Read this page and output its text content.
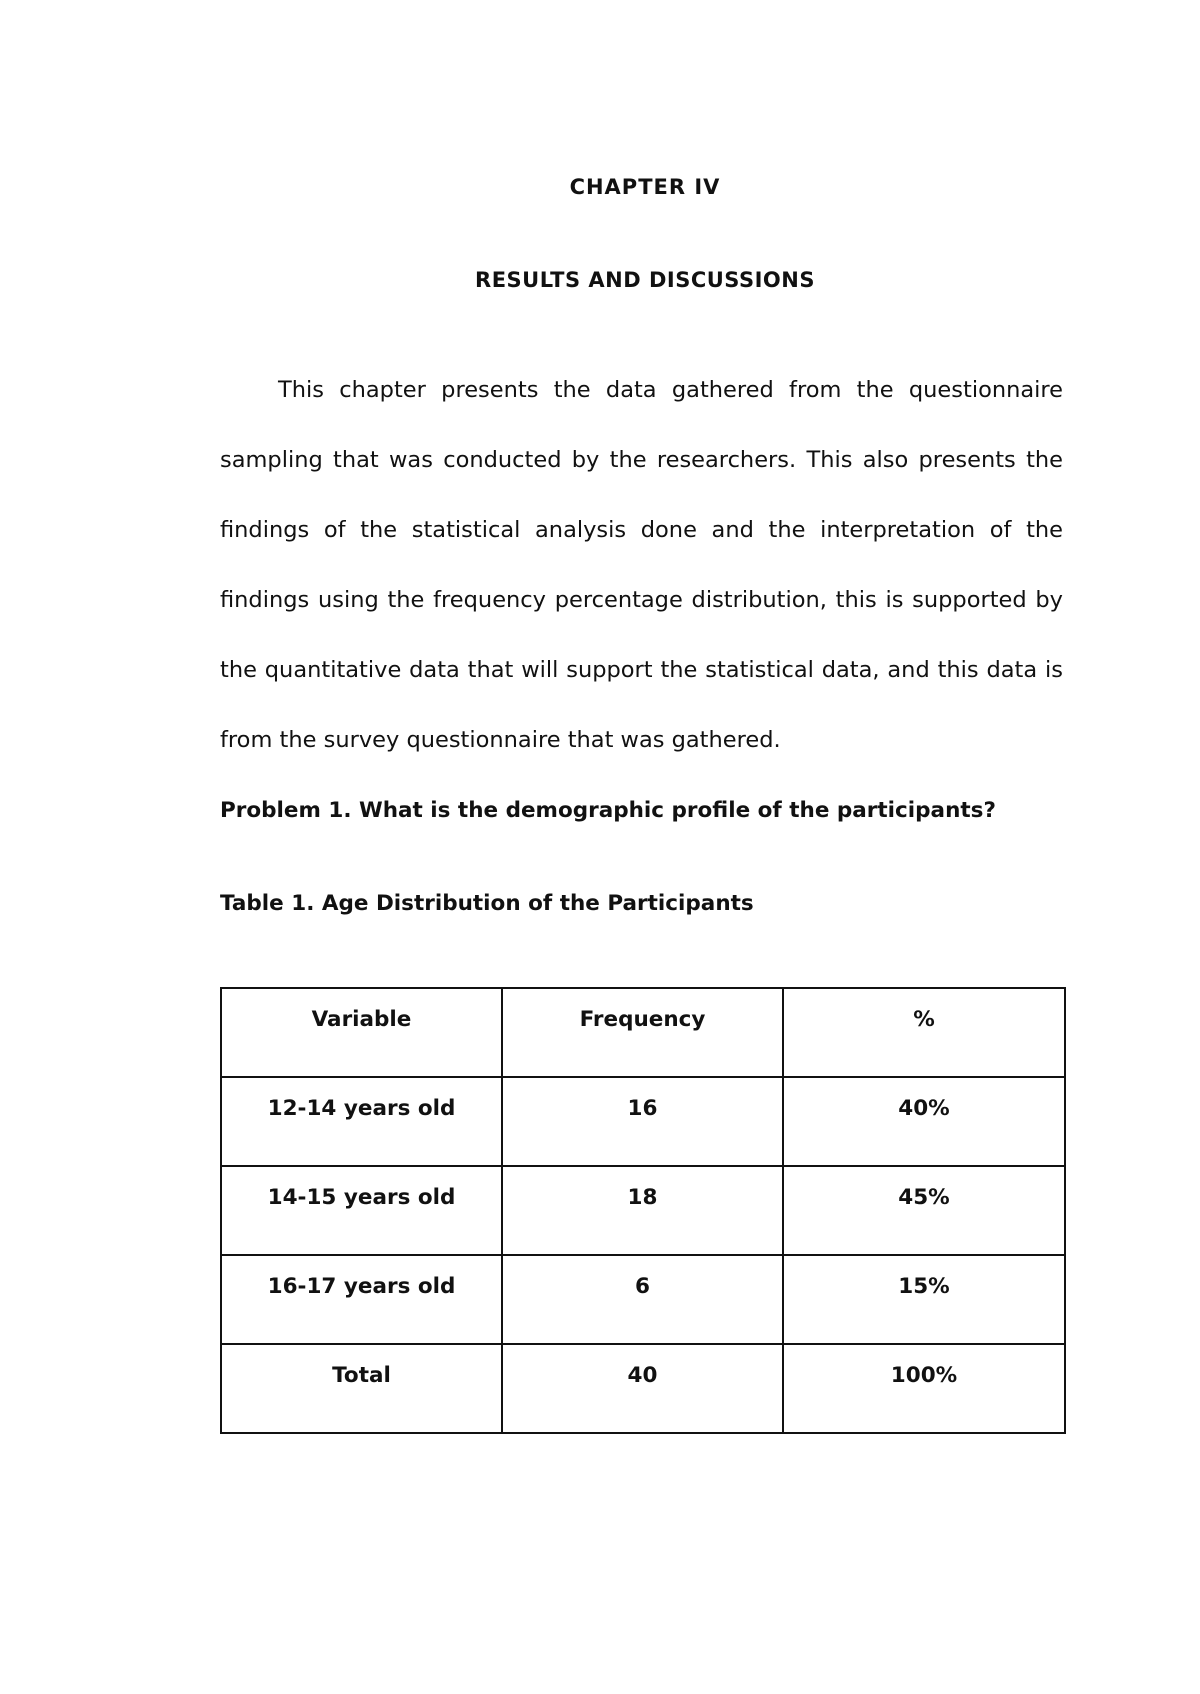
CHAPTER IV
RESULTS AND DISCUSSIONS

This chapter presents the data gathered from the questionnaire sampling that was conducted by the researchers. This also presents the findings of the statistical analysis done and the interpretation of the findings using the frequency percentage distribution, this is supported by the quantitative data that will support the statistical data, and this data is from the survey questionnaire that was gathered.

Problem 1. What is the demographic profile of the participants?

Table 1. Age Distribution of the Participants

Variable	Frequency	%
12-14 years old	16	40%
14-15 years old	18	45%
16-17 years old	6	15%
Total	40	100%
